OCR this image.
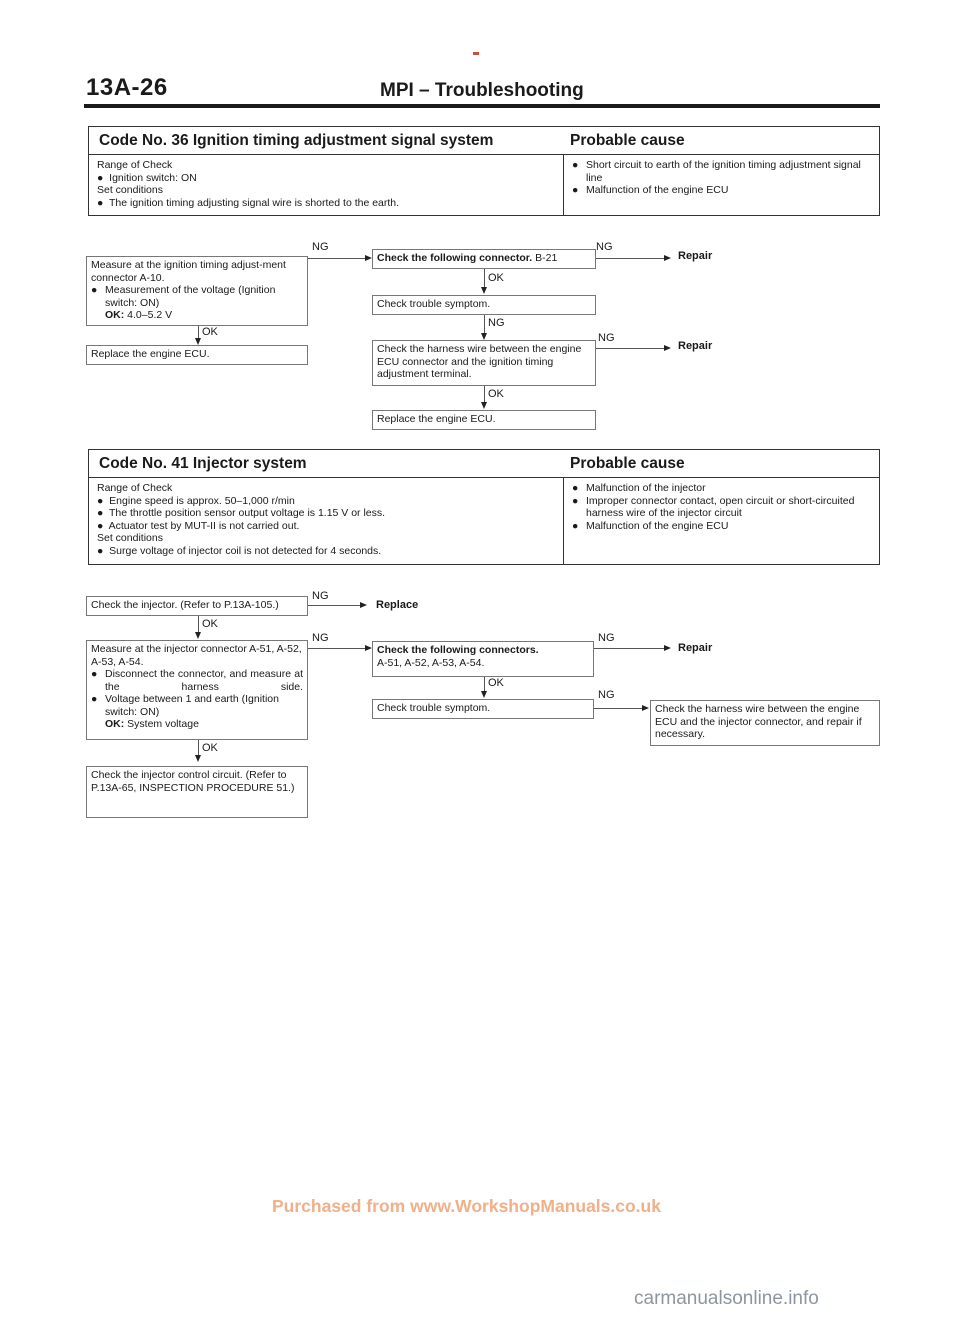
13A-26	MPI – Troubleshooting
Code No. 36 Ignition timing adjustment signal system	Probable cause
Range of Check
●  Ignition switch: ON
Set conditions
●  The ignition timing adjusting signal wire is shorted to the earth.
● Short circuit to earth of the ignition timing adjustment signal line
● Malfunction of the engine ECU
Measure at the ignition timing adjust-ment connector A-10.
● Measurement of the voltage (Ignition switch: ON)
OK: 4.0–5.2 V
NG
OK
Replace the engine ECU.
Check the following connector. B-21
NG
Repair
OK
Check trouble symptom.
NG
Check the harness wire between the engine ECU connector and the ignition timing adjustment terminal.
NG
Repair
OK
Replace the engine ECU.
Code No. 41 Injector system	Probable cause
Range of Check
●  Engine speed is approx. 50–1,000 r/min
●  The throttle position sensor output voltage is 1.15 V or less.
●  Actuator test by MUT-II is not carried out.
Set conditions
●  Surge voltage of injector coil is not detected for 4 seconds.
● Malfunction of the injector
● Improper connector contact, open circuit or short-circuited harness wire of the injector circuit
● Malfunction of the engine ECU
Check the injector. (Refer to P.13A-105.)
NG
Replace
OK
Measure at the injector connector A-51, A-52, A-53, A-54.
● Disconnect the connector, and measure at the harness side.
● Voltage between 1 and earth (Ignition switch: ON)
OK: System voltage
NG
OK
Check the injector control circuit. (Refer to P.13A-65, INSPECTION PROCEDURE 51.)
Check the following connectors.
A-51, A-52, A-53, A-54.
NG
Repair
OK
Check trouble symptom.
NG
Check the harness wire between the engine ECU and the injector connector, and repair if necessary.
Purchased from www.WorkshopManuals.co.uk
carmanualsonline.info
